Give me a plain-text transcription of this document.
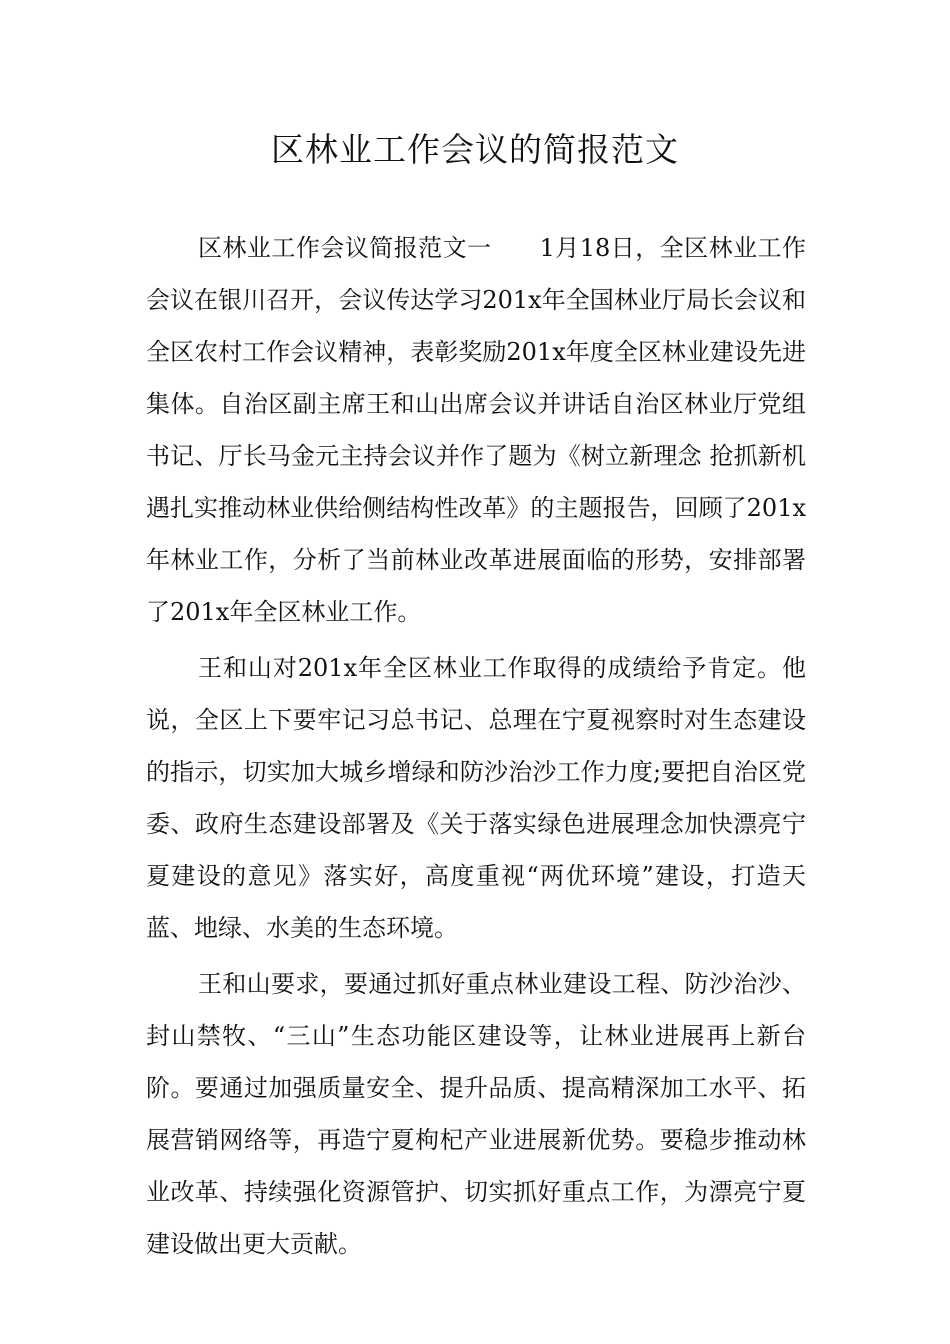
区林业工作会议的简报范文

区林业工作会议简报范文一 1月18日，全区林业工作会议在银川召开，会议传达学习201x年全国林业厅局长会议和全区农村工作会议精神，表彰奖励201x年度全区林业建设先进集体。自治区副主席王和山出席会议并讲话自治区林业厅党组书记、厅长马金元主持会议并作了题为《树立新理念 抢抓新机遇扎实推动林业供给侧结构性改革》的主题报告，回顾了201x年林业工作，分析了当前林业改革进展面临的形势，安排部署了201x年全区林业工作。

王和山对201x年全区林业工作取得的成绩给予肯定。他说，全区上下要牢记习总书记、总理在宁夏视察时对生态建设的指示，切实加大城乡增绿和防沙治沙工作力度;要把自治区党委、政府生态建设部署及《关于落实绿色进展理念加快漂亮宁夏建设的意见》落实好，高度重视“两优环境”建设，打造天蓝、地绿、水美的生态环境。

王和山要求，要通过抓好重点林业建设工程、防沙治沙、封山禁牧、“三山”生态功能区建设等，让林业进展再上新台阶。要通过加强质量安全、提升品质、提高精深加工水平、拓展营销网络等，再造宁夏枸杞产业进展新优势。要稳步推动林业改革、持续强化资源管护、切实抓好重点工作，为漂亮宁夏建设做出更大贡献。
